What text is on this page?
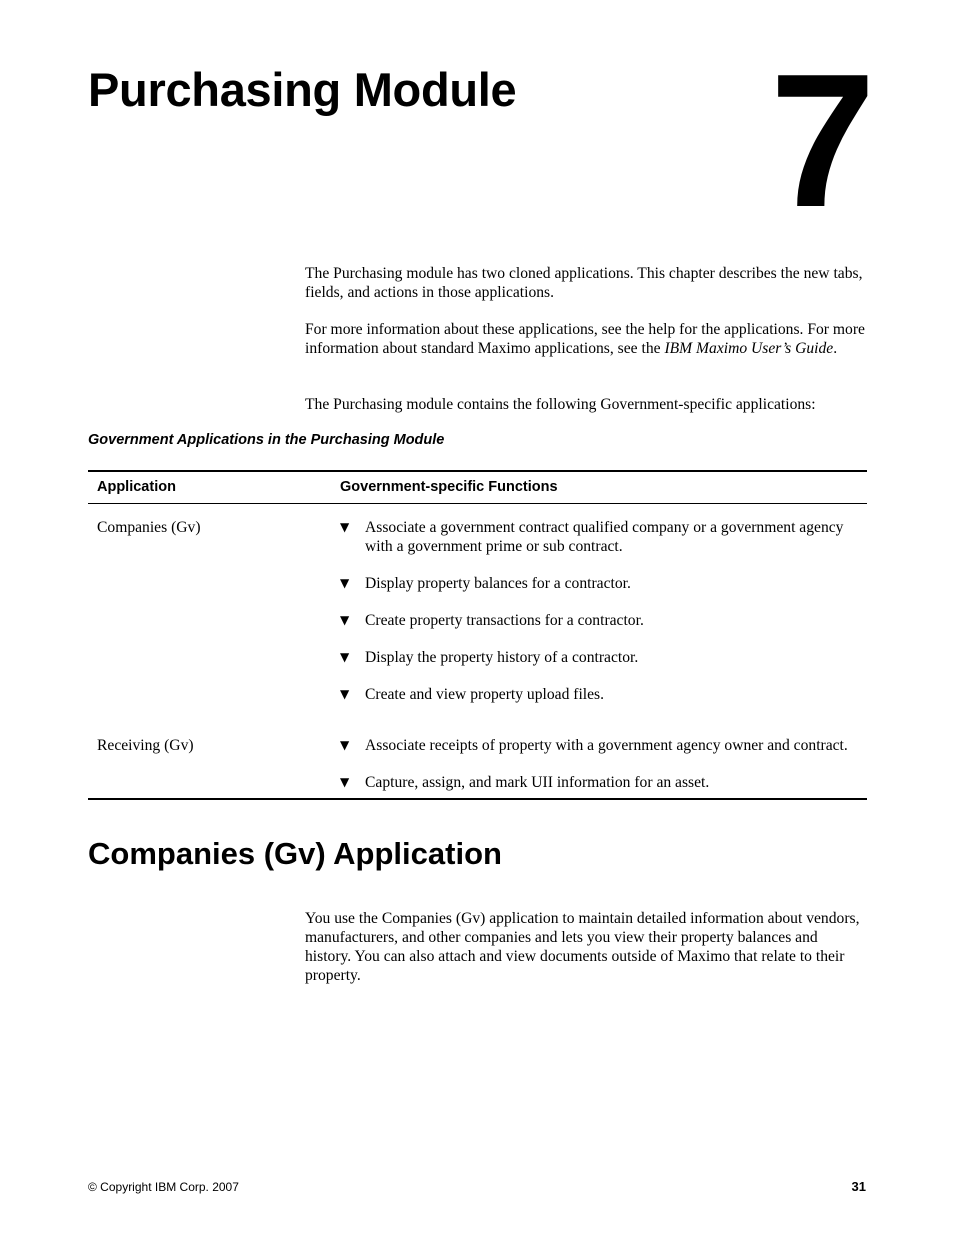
Purchasing Module 7

The Purchasing module has two cloned applications. This chapter describes the new tabs, fields, and actions in those applications.

For more information about these applications, see the help for the applications. For more information about standard Maximo applications, see the IBM Maximo User’s Guide.

The Purchasing module contains the following Government-specific applications:

Government Applications in the Purchasing Module

Application	Government-specific Functions
Companies (Gv)	▼ Associate a government contract qualified company or a government agency with a government prime or sub contract.
▼ Display property balances for a contractor.
▼ Create property transactions for a contractor.
▼ Display the property history of a contractor.
▼ Create and view property upload files.
Receiving (Gv)	▼ Associate receipts of property with a government agency owner and contract.
▼ Capture, assign, and mark UII information for an asset.
Companies (Gv) Application

You use the Companies (Gv) application to maintain detailed information about vendors, manufacturers, and other companies and lets you view their property balances and history. You can also attach and view documents outside of Maximo that relate to their property.

© Copyright IBM Corp. 2007	31
